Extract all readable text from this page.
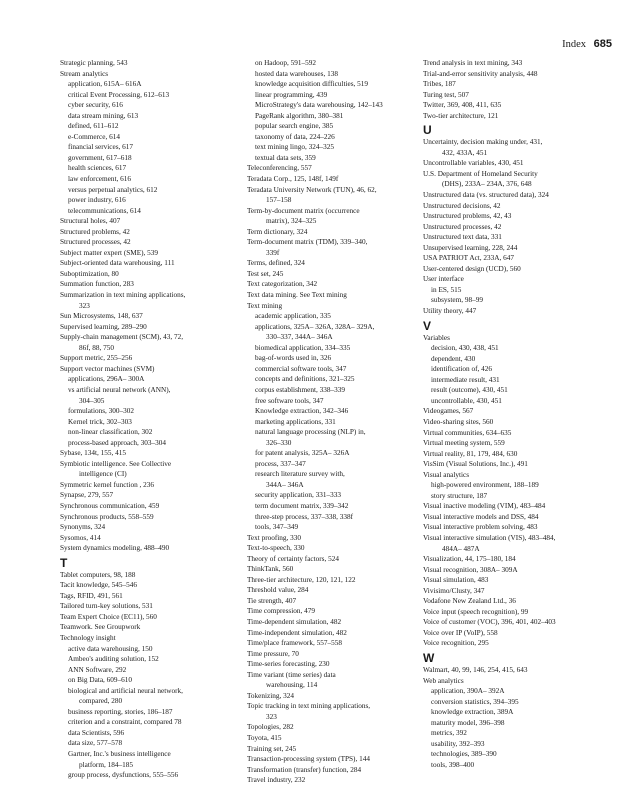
Index 685
Strategic planning, 543
Stream analytics
application, 615A– 616A
critical Event Processing, 612–613
cyber security, 616
data stream mining, 613
defined, 611–612
e-Commerce, 614
financial services, 617
government, 617–618
health sciences, 617
law enforcement, 616
versus perpetual analytics, 612
power industry, 616
telecommunications, 614
Structural holes, 407
Structured problems, 42
Structured processes, 42
Subject matter expert (SME), 539
Subject-oriented data warehousing, 111
Suboptimization, 80
Summation function, 283
Summarization in text mining applications,
323
Sun Microsystems, 148, 637
Supervised learning, 289–290
Supply-chain management (SCM), 43, 72,
86f, 88, 750
Support metric, 255–256
Support vector machines (SVM)
applications, 296A– 300A
vs artificial neural network (ANN),
304–305
formulations, 300–302
Kernel trick, 302–303
non-linear classification, 302
process-based approach, 303–304
Sybase, 134t, 155, 415
Symbiotic intelligence. See Collective
intelligence (CI)
Symmetric kernel function , 236
Synapse, 279, 557
Synchronous communication, 459
Synchronous products, 558–559
Synonyms, 324
Sysomos, 414
System dynamics modeling, 488–490
T
Tablet computers, 98, 188
Tacit knowledge, 545–546
Tags, RFID, 491, 561
Tailored turn-key solutions, 531
Team Expert Choice (EC11), 560
Teamwork. See Groupwork
Technology insight
active data warehousing, 150
Ambeo's auditing solution, 152
ANN Software, 292
on Big Data, 609–610
biological and artificial neural network,
compared, 280
business reporting, stories, 186–187
criterion and a constraint, compared 78
data Scientists, 596
data size, 577–578
Gartner, Inc.'s business intelligence
platform, 184–185
group process, dysfunctions, 555–556
on Hadoop, 591–592
hosted data warehouses, 138
knowledge acquisition difficulties, 519
linear programming, 439
MicroStrategy's data warehousing, 142–143
PageRank algorithm, 380–381
popular search engine, 385
taxonomy of data, 224–226
text mining lingo, 324–325
textual data sets, 359
Teleconferencing, 557
Teradata Corp., 125, 148f, 149f
Teradata University Network (TUN), 46, 62,
157–158
Term-by-document matrix (occurrence
matrix), 324–325
Term dictionary, 324
Term-document matrix (TDM), 339–340,
339f
Terms, defined, 324
Test set, 245
Text categorization, 342
Text data mining. See Text mining
Text mining
academic application, 335
applications, 325A– 326A, 328A– 329A,
330–337, 344A– 346A
biomedical application, 334–335
bag-of-words used in, 326
commercial software tools, 347
concepts and definitions, 321–325
corpus establishment, 338–339
free software tools, 347
Knowledge extraction, 342–346
marketing applications, 331
natural language processing (NLP) in,
326–330
for patent analysis, 325A– 326A
process, 337–347
research literature survey with,
344A– 346A
security application, 331–333
term document matrix, 339–342
three-step process, 337–338, 338f
tools, 347–349
Text proofing, 330
Text-to-speech, 330
Theory of certainty factors, 524
ThinkTank, 560
Three-tier architecture, 120, 121, 122
Threshold value, 284
Tie strength, 407
Time compression, 479
Time-dependent simulation, 482
Time-independent simulation, 482
Time/place framework, 557–558
Time pressure, 70
Time-series forecasting, 230
Time variant (time series) data
warehousing, 114
Tokenizing, 324
Topic tracking in text mining applications,
323
Topologies, 282
Toyota, 415
Training set, 245
Transaction-processing system (TPS), 144
Transformation (transfer) function, 284
Travel industry, 232
Trend analysis in text mining, 343
Trial-and-error sensitivity analysis, 448
Tribes, 187
Turing test, 507
Twitter, 369, 408, 411, 635
Two-tier architecture, 121
U
Uncertainty, decision making under, 431,
432, 433A, 451
Uncontrollable variables, 430, 451
U.S. Department of Homeland Security
(DHS), 233A– 234A, 376, 648
Unstructured data (vs. structured data), 324
Unstructured decisions, 42
Unstructured problems, 42, 43
Unstructured processes, 42
Unstructured text data, 331
Unsupervised learning, 228, 244
USA PATRIOT Act, 233A, 647
User-centered design (UCD), 560
User interface
in ES, 515
subsystem, 98–99
Utility theory, 447
V
Variables
decision, 430, 438, 451
dependent, 430
identification of, 426
intermediate result, 431
result (outcome), 430, 451
uncontrollable, 430, 451
Videogames, 567
Video-sharing sites, 560
Virtual communities, 634–635
Virtual meeting system, 559
Virtual reality, 81, 179, 484, 630
VisSim (Visual Solutions, Inc.), 491
Visual analytics
high-powered environment, 188–189
story structure, 187
Visual inactive modeling (VIM), 483–484
Visual interactive models and DSS, 484
Visual interactive problem solving, 483
Visual interactive simulation (VIS), 483–484,
484A– 487A
Visualization, 44, 175–180, 184
Visual recognition, 308A– 309A
Visual simulation, 483
Vivisimo/Clusty, 347
Vodafone New Zealand Ltd., 36
Voice input (speech recognition), 99
Voice of customer (VOC), 396, 401, 402–403
Voice over IP (VoIP), 558
Voice recognition, 295
W
Walmart, 40, 99, 146, 254, 415, 643
Web analytics
application, 390A– 392A
conversion statistics, 394–395
knowledge extraction, 389A
maturity model, 396–398
metrics, 392
usability, 392–393
technologies, 389–390
tools, 398–400
